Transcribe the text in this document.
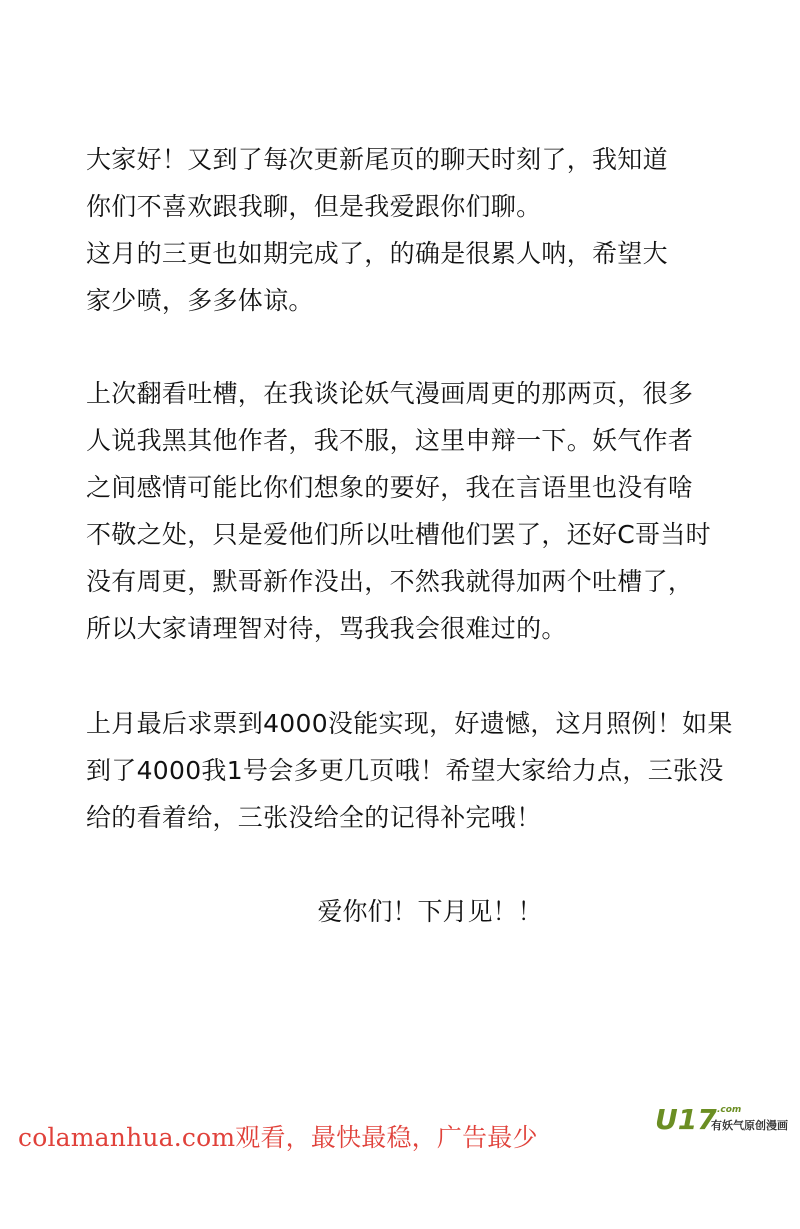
大家好！又到了每次更新尾页的聊天时刻了，我知道
你们不喜欢跟我聊，但是我爱跟你们聊。
这月的三更也如期完成了，的确是很累人呐，希望大
家少喷，多多体谅。
上次翻看吐槽，在我谈论妖气漫画周更的那两页，很多
人说我黑其他作者，我不服，这里申辩一下。妖气作者
之间感情可能比你们想象的要好，我在言语里也没有啥
不敬之处，只是爱他们所以吐槽他们罢了，还好C哥当时
没有周更，默哥新作没出，不然我就得加两个吐槽了，
所以大家请理智对待，骂我我会很难过的。
上月最后求票到4000没能实现，好遗憾，这月照例！如果
到了4000我1号会多更几页哦！希望大家给力点，三张没
给的看着给，三张没给全的记得补完哦！
爱你们！下月见！！
colamanhua.com观看，最快最稳，广告最少
U17 .com
有妖气原创漫画
